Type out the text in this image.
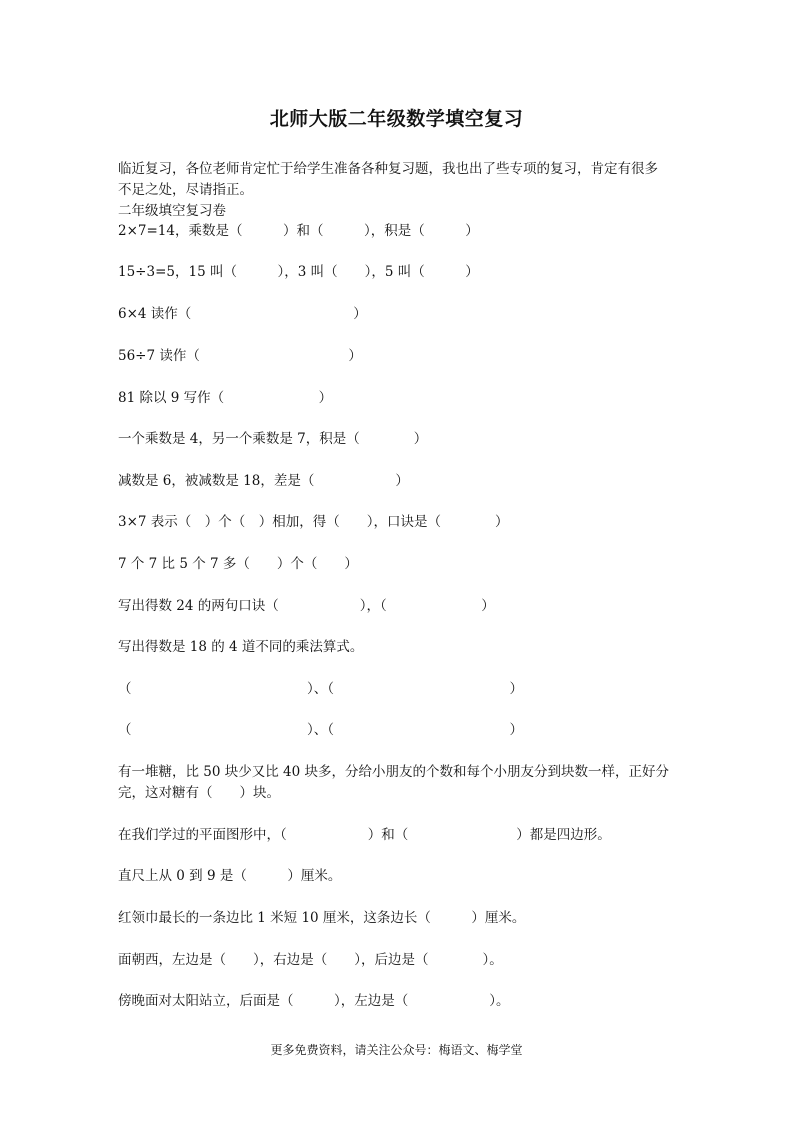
北师大版二年级数学填空复习
临近复习，各位老师肯定忙于给学生准备各种复习题，我也出了些专项的复习，肯定有很多
不足之处，尽请指正。
二年级填空复习卷
2×7=14，乘数是（　　　）和（　　　），积是（　　　）
15÷3=5，15 叫（　　　），3 叫（　　），5 叫（　　　）
6×4 读作（　　　　　　　　　　　　）
56÷7 读作（　　　　　　　　　　　）
81 除以 9 写作（　　　　　　　）
一个乘数是 4，另一个乘数是 7，积是（　　　　）
减数是 6，被减数是 18，差是（　　　　　　）
3×7 表示（　）个（　）相加，得（　　），口诀是（　　　　）
7 个 7 比 5 个 7 多（　　）个（　　）
写出得数 24 的两句口诀（　　　　　　），（　　　　　　　）
写出得数是 18 的 4 道不同的乘法算式。
（　　　　　　　　　　　　　）、（　　　　　　　　　　　　　）
（　　　　　　　　　　　　　）、（　　　　　　　　　　　　　）
有一堆糖，比 50 块少又比 40 块多，分给小朋友的个数和每个小朋友分到块数一样，正好分
完，这对糖有（　　）块。
在我们学过的平面图形中，（　　　　　　）和（　　　　　　　　）都是四边形。
直尺上从 0 到 9 是（　　　）厘米。
红领巾最长的一条边比 1 米短 10 厘米，这条边长（　　　）厘米。
面朝西，左边是（　　），右边是（　　），后边是（　　　　）。
傍晚面对太阳站立，后面是（　　　），左边是（　　　　　　）。
更多免费资料，请关注公众号：梅语文、梅学堂
